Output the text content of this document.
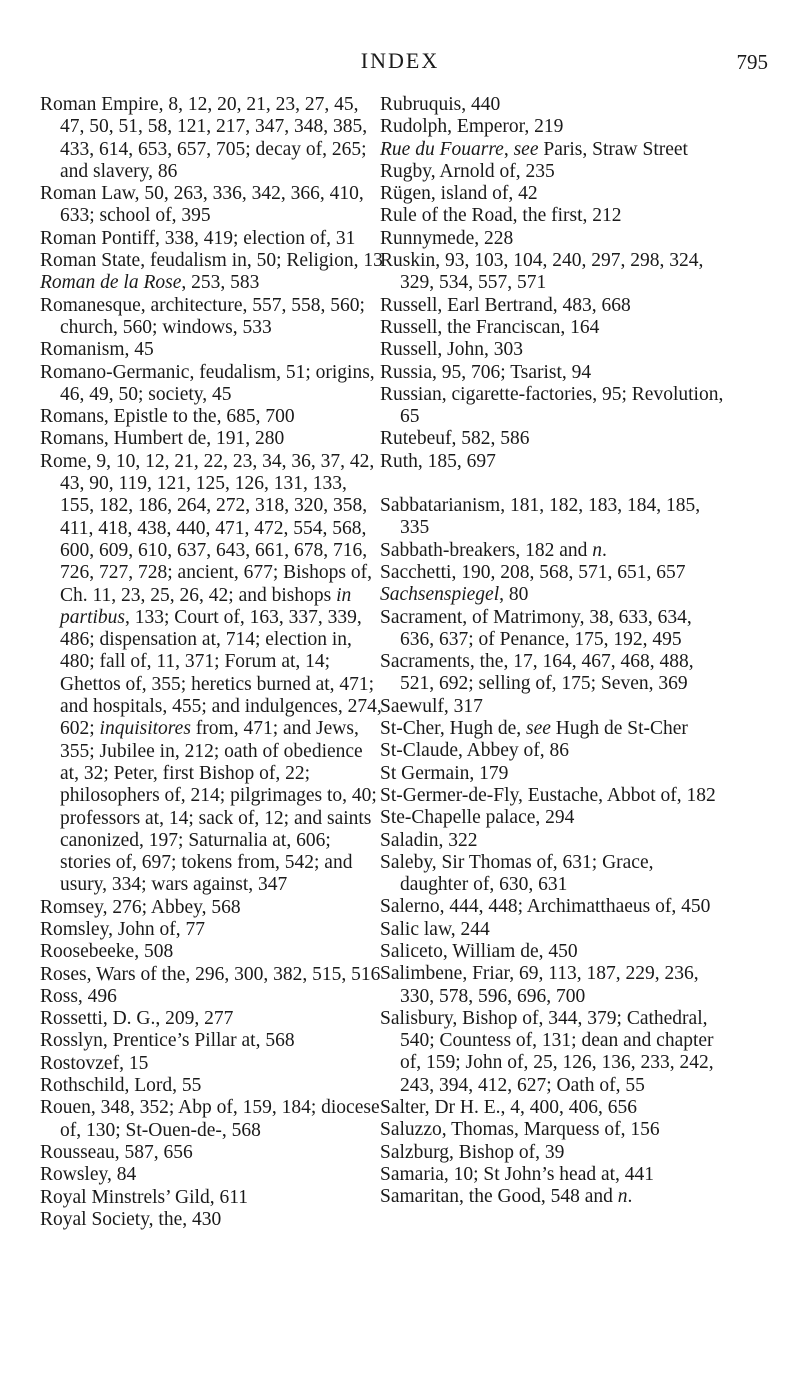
INDEX	795

Roman Empire, 8, 12, 20, 21, 23, 27, 45, 47, 50, 51, 58, 121, 217, 347, 348, 385, 433, 614, 653, 657, 705; decay of, 265; and slavery, 86

Roman Law, 50, 263, 336, 342, 366, 410, 633; school of, 395

Roman Pontiff, 338, 419; election of, 31

Roman State, feudalism in, 50; Religion, 13

Roman de la Rose, 253, 583

Romanesque, architecture, 557, 558, 560; church, 560; windows, 533

Romanism, 45

Romano-Germanic, feudalism, 51; origins, 46, 49, 50; society, 45

Romans, Epistle to the, 685, 700

Romans, Humbert de, 191, 280

Rome, 9, 10, 12, 21, 22, 23, 34, 36, 37, 42, 43, 90, 119, 121, 125, 126, 131, 133, 155, 182, 186, 264, 272, 318, 320, 358, 411, 418, 438, 440, 471, 472, 554, 568, 600, 609, 610, 637, 643, 661, 678, 716, 726, 727, 728; ancient, 677; Bishops of, Ch. 11, 23, 25, 26, 42; and bishops in partibus, 133; Court of, 163, 337, 339, 486; dispensation at, 714; election in, 480; fall of, 11, 371; Forum at, 14; Ghettos of, 355; heretics burned at, 471; and hospitals, 455; and indulgences, 274, 602; inquisitores from, 471; and Jews, 355; Jubilee in, 212; oath of obedience at, 32; Peter, first Bishop of, 22; philosophers of, 214; pilgrimages to, 40; professors at, 14; sack of, 12; and saints canonized, 197; Saturnalia at, 606; stories of, 697; tokens from, 542; and usury, 334; wars against, 347

Romsey, 276; Abbey, 568

Romsley, John of, 77

Roosebeeke, 508

Roses, Wars of the, 296, 300, 382, 515, 516

Ross, 496

Rossetti, D. G., 209, 277

Rosslyn, Prentice’s Pillar at, 568

Rostovzef, 15

Rothschild, Lord, 55

Rouen, 348, 352; Abp of, 159, 184; diocese of, 130; St-Ouen-de-, 568

Rousseau, 587, 656

Rowsley, 84

Royal Minstrels’ Gild, 611

Royal Society, the, 430

Rubruquis, 440

Rudolph, Emperor, 219

Rue du Fouarre, see Paris, Straw Street

Rugby, Arnold of, 235

Rügen, island of, 42

Rule of the Road, the first, 212

Runnymede, 228

Ruskin, 93, 103, 104, 240, 297, 298, 324, 329, 534, 557, 571

Russell, Earl Bertrand, 483, 668

Russell, the Franciscan, 164

Russell, John, 303

Russia, 95, 706; Tsarist, 94

Russian, cigarette-factories, 95; Revolution, 65

Rutebeuf, 582, 586

Ruth, 185, 697

Sabbatarianism, 181, 182, 183, 184, 185, 335

Sabbath-breakers, 182 and n.

Sacchetti, 190, 208, 568, 571, 651, 657

Sachsenspiegel, 80

Sacrament, of Matrimony, 38, 633, 634, 636, 637; of Penance, 175, 192, 495

Sacraments, the, 17, 164, 467, 468, 488, 521, 692; selling of, 175; Seven, 369

Saewulf, 317

St-Cher, Hugh de, see Hugh de St-Cher

St-Claude, Abbey of, 86

St Germain, 179

St-Germer-de-Fly, Eustache, Abbot of, 182

Ste-Chapelle palace, 294

Saladin, 322

Saleby, Sir Thomas of, 631; Grace, daughter of, 630, 631

Salerno, 444, 448; Archimatthaeus of, 450

Salic law, 244

Saliceto, William de, 450

Salimbene, Friar, 69, 113, 187, 229, 236, 330, 578, 596, 696, 700

Salisbury, Bishop of, 344, 379; Cathedral, 540; Countess of, 131; dean and chapter of, 159; John of, 25, 126, 136, 233, 242, 243, 394, 412, 627; Oath of, 55

Salter, Dr H. E., 4, 400, 406, 656

Saluzzo, Thomas, Marquess of, 156

Salzburg, Bishop of, 39

Samaria, 10; St John’s head at, 441

Samaritan, the Good, 548 and n.
